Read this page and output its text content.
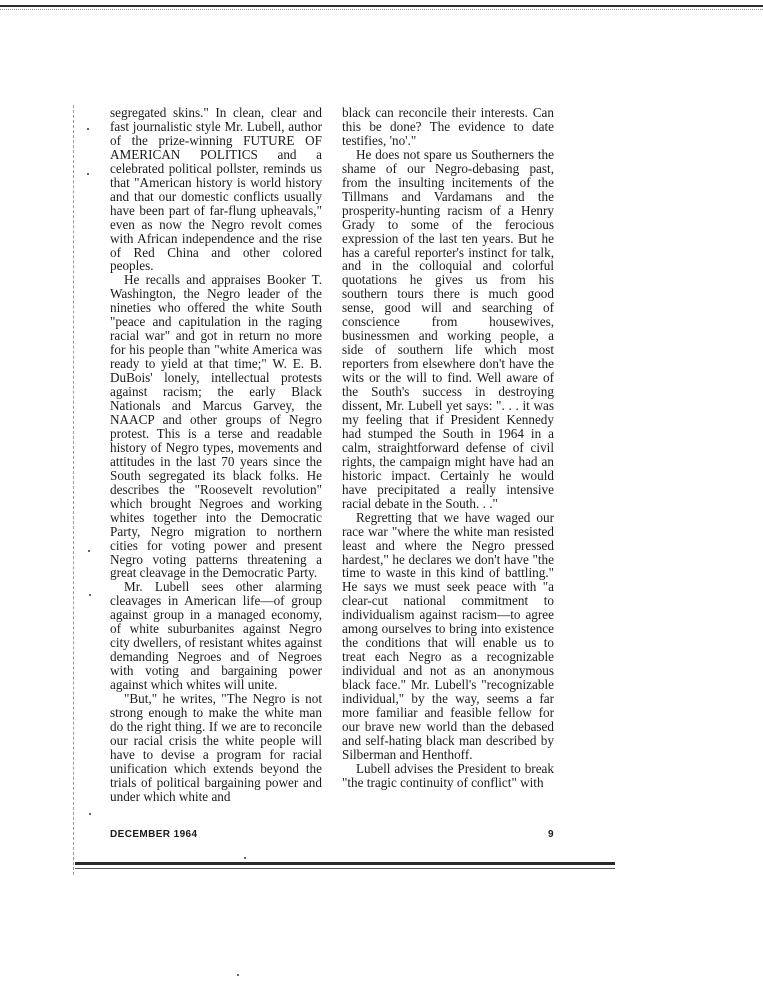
segregated skins." In clean, clear and fast journalistic style Mr. Lubell, author of the prize-winning FUTURE OF AMERICAN POLITICS and a celebrated political pollster, reminds us that "American history is world history and that our domestic conflicts usually have been part of far-flung upheavals," even as now the Negro revolt comes with African independence and the rise of Red China and other colored peoples.

He recalls and appraises Booker T. Washington, the Negro leader of the nineties who offered the white South "peace and capitulation in the raging racial war" and got in return no more for his people than "white America was ready to yield at that time;" W. E. B. DuBois' lonely, intellectual protests against racism; the early Black Nationals and Marcus Garvey, the NAACP and other groups of Negro protest. This is a terse and readable history of Negro types, movements and attitudes in the last 70 years since the South segregated its black folks. He describes the "Roosevelt revolution" which brought Negroes and working whites together into the Democratic Party, Negro migration to northern cities for voting power and present Negro voting patterns threatening a great cleavage in the Democratic Party.

Mr. Lubell sees other alarming cleavages in American life—of group against group in a managed economy, of white suburbanites against Negro city dwellers, of resistant whites against demanding Negroes and of Negroes with voting and bargaining power against which whites will unite.

"But," he writes, "The Negro is not strong enough to make the white man do the right thing. If we are to reconcile our racial crisis the white people will have to devise a program for racial unification which extends beyond the trials of political bargaining power and under which white and

black can reconcile their interests. Can this be done? The evidence to date testifies, 'no'."

He does not spare us Southerners the shame of our Negro-debasing past, from the insulting incitements of the Tillmans and Vardamans and the prosperity-hunting racism of a Henry Grady to some of the ferocious expression of the last ten years. But he has a careful reporter's instinct for talk, and in the colloquial and colorful quotations he gives us from his southern tours there is much good sense, good will and searching of conscience from housewives, businessmen and working people, a side of southern life which most reporters from elsewhere don't have the wits or the will to find. Well aware of the South's success in destroying dissent, Mr. Lubell yet says: ". . . it was my feeling that if President Kennedy had stumped the South in 1964 in a calm, straightforward defense of civil rights, the campaign might have had an historic impact. Certainly he would have precipitated a really intensive racial debate in the South. . ."

Regretting that we have waged our race war "where the white man resisted least and where the Negro pressed hardest," he declares we don't have "the time to waste in this kind of battling." He says we must seek peace with "a clear-cut national commitment to individualism against racism—to agree among ourselves to bring into existence the conditions that will enable us to treat each Negro as a recognizable individual and not as an anonymous black face." Mr. Lubell's "recognizable individual," by the way, seems a far more familiar and feasible fellow for our brave new world than the debased and self-hating black man described by Silberman and Henthoff.

Lubell advises the President to break "the tragic continuity of conflict" with

DECEMBER 1964	9
